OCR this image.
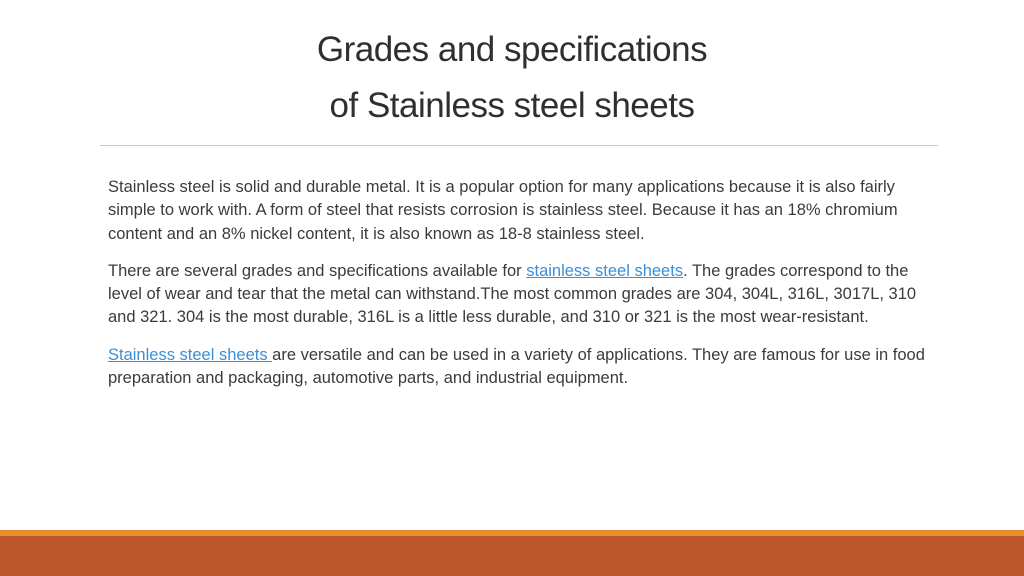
Grades and specifications
of Stainless steel sheets

Stainless steel is solid and durable metal. It is a popular option for many applications because it is also fairly simple to work with. A form of steel that resists corrosion is stainless steel. Because it has an 18% chromium content and an 8% nickel content, it is also known as 18-8 stainless steel.

There are several grades and specifications available for stainless steel sheets. The grades correspond to the level of wear and tear that the metal can withstand.The most common grades are 304, 304L, 316L, 3017L, 310 and 321. 304 is the most durable, 316L is a little less durable, and 310 or 321 is the most wear-resistant.

Stainless steel sheets are versatile and can be used in a variety of applications. They are famous for use in food preparation and packaging, automotive parts, and industrial equipment.
